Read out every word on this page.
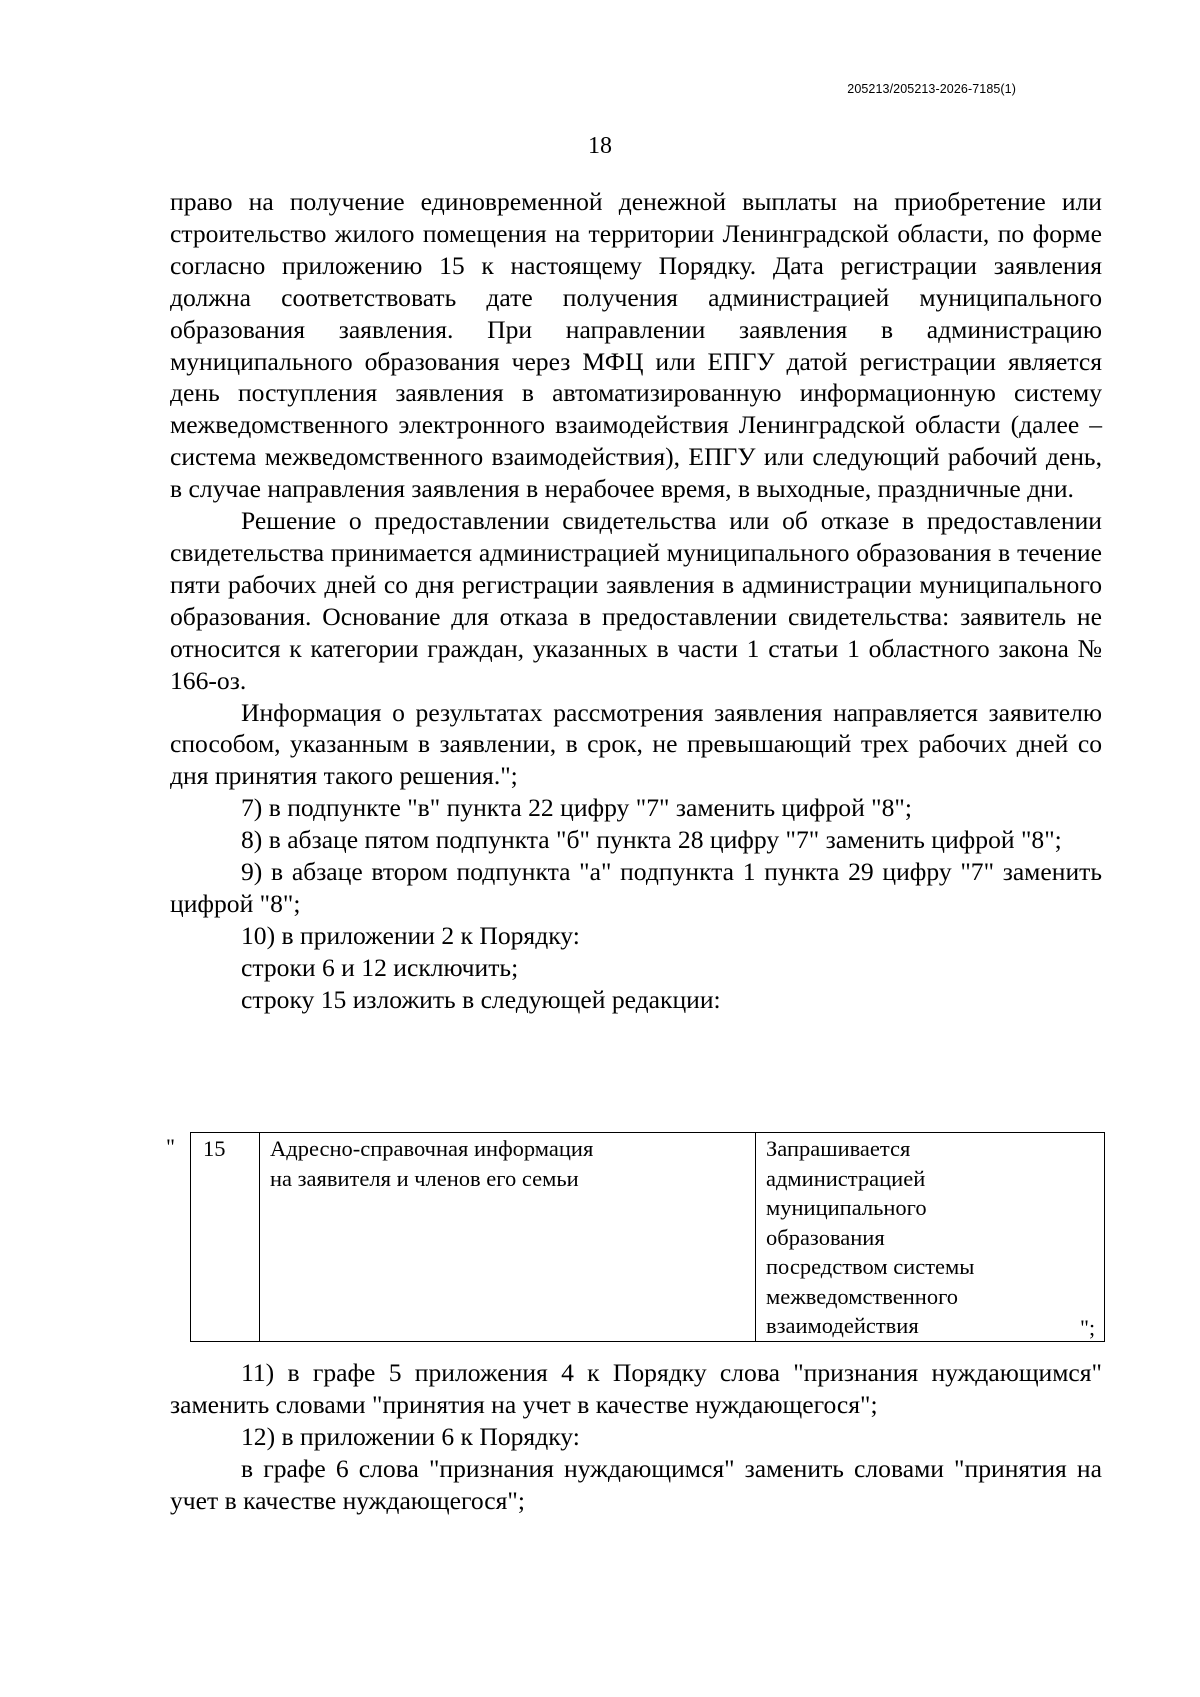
205213/205213-2026-7185(1)
18

право на получение единовременной денежной выплаты на приобретение или строительство жилого помещения на территории Ленинградской области, по форме согласно приложению 15 к настоящему Порядку. Дата регистрации заявления должна соответствовать дате получения администрацией муниципального образования заявления. При направлении заявления в администрацию муниципального образования через МФЦ или ЕПГУ датой регистрации является день поступления заявления в автоматизированную информационную систему межведомственного электронного взаимодействия Ленинградской области (далее – система межведомственного взаимодействия), ЕПГУ или следующий рабочий день, в случае направления заявления в нерабочее время, в выходные, праздничные дни.

Решение о предоставлении свидетельства или об отказе в предоставлении свидетельства принимается администрацией муниципального образования в течение пяти рабочих дней со дня регистрации заявления в администрации муниципального образования. Основание для отказа в предоставлении свидетельства: заявитель не относится к категории граждан, указанных в части 1 статьи 1 областного закона № 166-оз.

Информация о результатах рассмотрения заявления направляется заявителю способом, указанным в заявлении, в срок, не превышающий трех рабочих дней со дня принятия такого решения.";

7) в подпункте "в" пункта 22 цифру "7" заменить цифрой "8";

8) в абзаце пятом подпункта "б" пункта 28 цифру "7" заменить цифрой "8";

9) в абзаце втором подпункта "а" подпункта 1 пункта 29 цифру "7" заменить цифрой "8";

10) в приложении 2 к Порядку:

строки 6 и 12 исключить;

строку 15 изложить в следующей редакции:

" 15	Адресно-справочная информация
на заявителя и членов его семьи

Запрашивается
администрацией
муниципального
образования
посредством системы
межведомственного
взаимодействия	";

11) в графе 5 приложения 4 к Порядку слова "признания нуждающимся" заменить словами "принятия на учет в качестве нуждающегося";

12) в приложении 6 к Порядку:

в графе 6 слова "признания нуждающимся" заменить словами "принятия на учет в качестве нуждающегося";
